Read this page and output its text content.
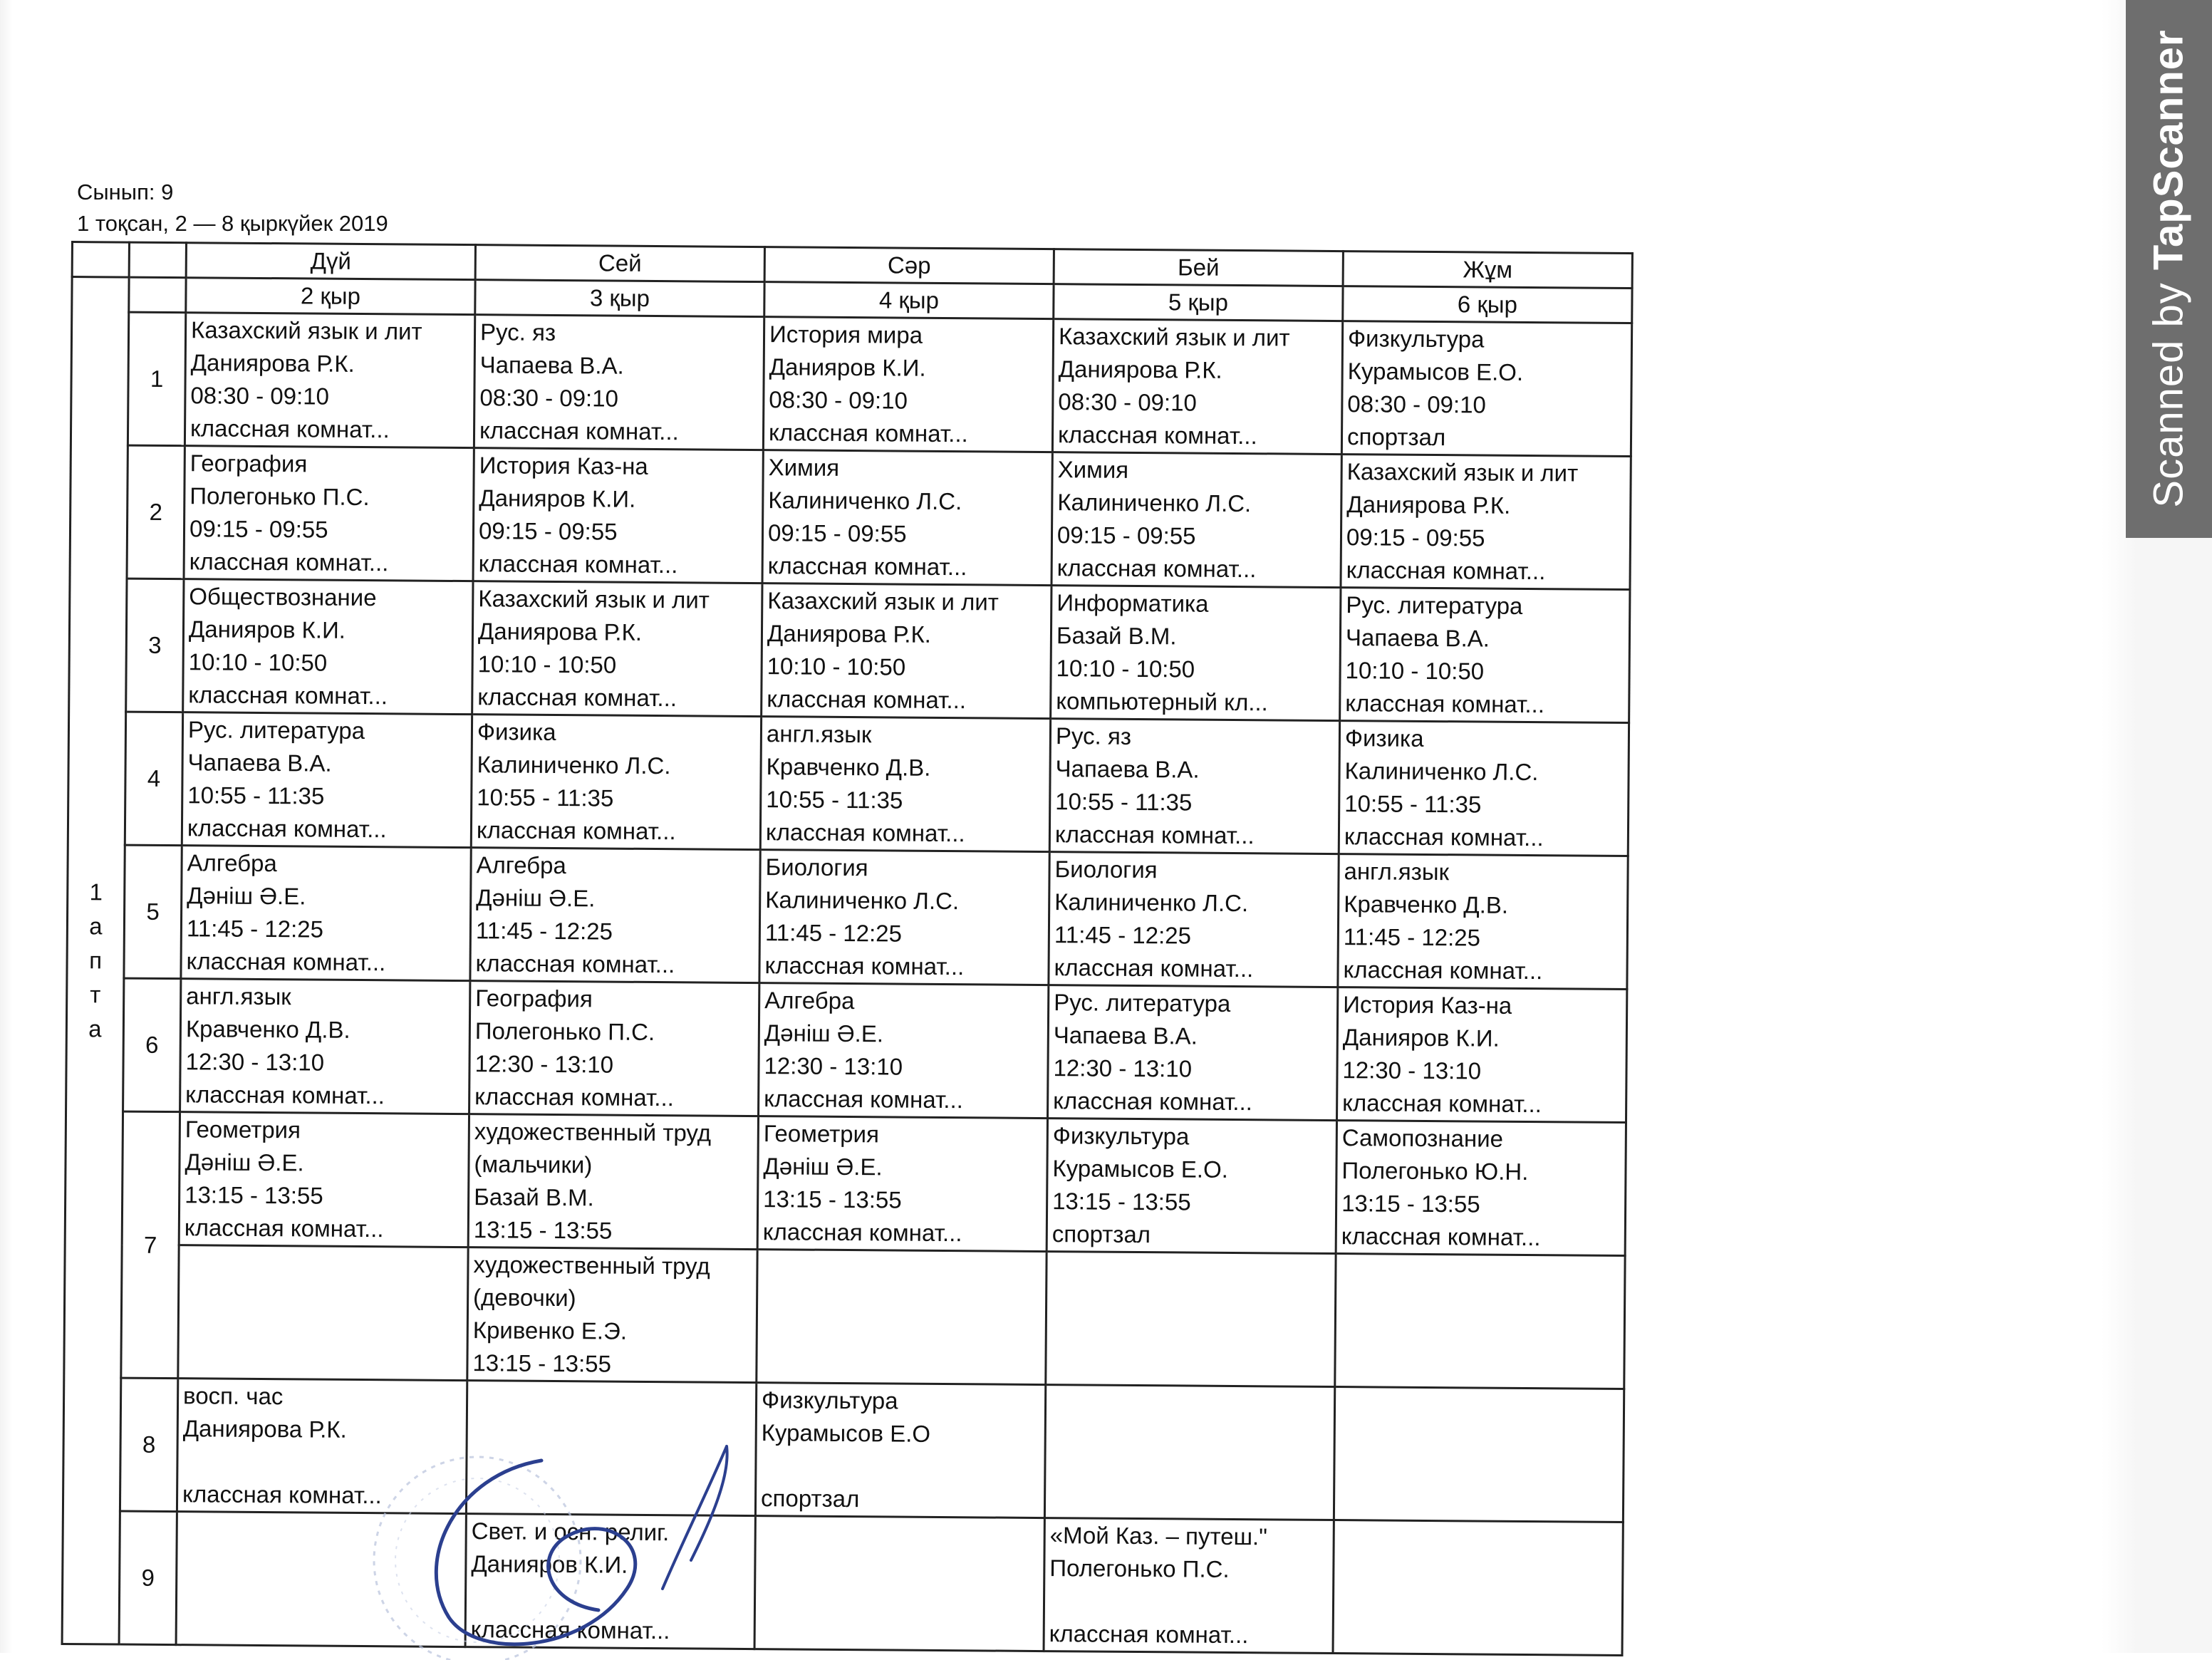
Сынып: 9
1 тоқсан, 2 — 8 қыркүйек 2019
		Дүй	Сей	Сәр	Бей	Жұм
1
а
п
т
а		2 қыр	3 қыр	4 қыр	5 қыр	6 қыр
	1	Казахский язык и лит
Даниярова Р.К.
08:30 - 09:10
классная комнат...	Рус. яз
Чапаева В.А.
08:30 - 09:10
классная комнат...	История мира
Данияров К.И.
08:30 - 09:10
классная комнат...	Казахский язык и лит
Даниярова Р.К.
08:30 - 09:10
классная комнат...	Физкультура
Курамысов Е.О.
08:30 - 09:10
спортзал

	2	География
Полегонько П.С.
09:15 - 09:55
классная комнат...	История Каз-на
Данияров К.И.
09:15 - 09:55
классная комнат...	Химия
Калиниченко Л.С.
09:15 - 09:55
классная комнат...	Химия
Калиниченко Л.С.
09:15 - 09:55
классная комнат...	Казахский язык и лит
Даниярова Р.К.
09:15 - 09:55
классная комнат...

	3	Обществознание
Данияров К.И.
10:10 - 10:50
классная комнат...	Казахский язык и лит
Даниярова Р.К.
10:10 - 10:50
классная комнат...	Казахский язык и лит
Даниярова Р.К.
10:10 - 10:50
классная комнат...	Информатика
Базай В.М.
10:10 - 10:50
компьютерный кл...	Рус. литература
Чапаева В.А.
10:10 - 10:50
классная комнат...

	4	Рус. литература
Чапаева В.А.
10:55 - 11:35
классная комнат...	Физика
Калиниченко Л.С.
10:55 - 11:35
классная комнат...	англ.язык
Кравченко Д.В.
10:55 - 11:35
классная комнат...	Рус. яз
Чапаева В.А.
10:55 - 11:35
классная комнат...	Физика
Калиниченко Л.С.
10:55 - 11:35
классная комнат...

	5	Алгебра
Дәніш Ә.Е.
11:45 - 12:25
классная комнат...	Алгебра
Дәніш Ә.Е.
11:45 - 12:25
классная комнат...	Биология
Калиниченко Л.С.
11:45 - 12:25
классная комнат...	Биология
Калиниченко Л.С.
11:45 - 12:25
классная комнат...	англ.язык
Кравченко Д.В.
11:45 - 12:25
классная комнат...

	6	англ.язык
Кравченко Д.В.
12:30 - 13:10
классная комнат...	География
Полегонько П.С.
12:30 - 13:10
классная комнат...	Алгебра
Дәніш Ә.Е.
12:30 - 13:10
классная комнат...	Рус. литература
Чапаева В.А.
12:30 - 13:10
классная комнат...	История Каз-на
Данияров К.И.
12:30 - 13:10
классная комнат...

	7	Геометрия
Дәніш Ә.Е.
13:15 - 13:55
классная комнат...	художественный труд
(мальчики)
Базай В.М.
13:15 - 13:55	Геометрия
Дәніш Ә.Е.
13:15 - 13:55
классная комнат...	Физкультура
Курамысов Е.О.
13:15 - 13:55
спортзал	Самопознание
Полегонько Ю.Н.
13:15 - 13:55
классная комнат...

			художественный труд
(девочки)
Кривенко Е.Э.
13:15 - 13:55			

	8	восп. час
Даниярова Р.К.
классная комнат...		Физкультура
Курамысов Е.О
спортзал		

	9		Свет. и осн. религ.
Данияров К.И.
классная комнат...		«Мой Каз. – путеш."
Полегонько П.С.
классная комнат...	

Scanned by TapScanner
